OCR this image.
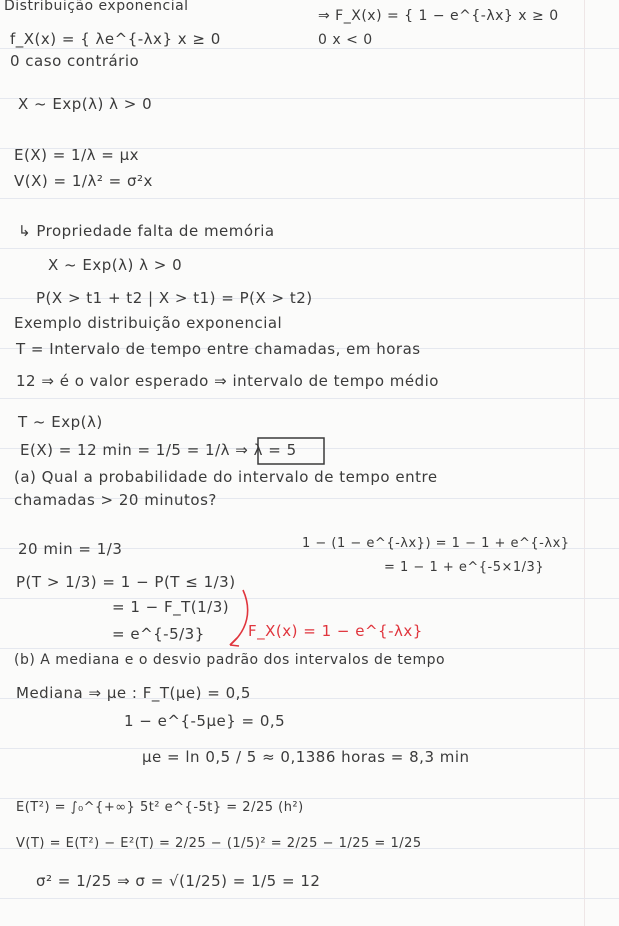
Distribuição exponencial
f_X(x) = { λe^{-λx} x ≥ 0
0 caso contrário
⇒ F_X(x) = { 1 − e^{-λx} x ≥ 0
0 x < 0
X ~ Exp(λ) λ > 0
E(X) = 1/λ = μx
V(X) = 1/λ² = σ²x
↳ Propriedade falta de memória
X ~ Exp(λ) λ > 0
P(X > t1 + t2 | X > t1) = P(X > t2)
Exemplo distribuição exponencial
T = Intervalo de tempo entre chamadas, em horas
12 ⇒ é o valor esperado ⇒ intervalo de tempo médio
T ~ Exp(λ)
E(X) = 12 min = 1/5 = 1/λ ⇒ λ = 5
(a) Qual a probabilidade do intervalo de tempo entre
chamadas > 20 minutos?
20 min = 1/3	1 − (1 − e^{-λx}) = 1 − 1 + e^{-λx}
= 1 − 1 + e^{-5×1/3}
P(T > 1/3) = 1 − P(T ≤ 1/3)
= 1 − F_T(1/3)
= e^{-5/3}	F_X(x) = 1 − e^{-λx}
(b) A mediana e o desvio padrão dos intervalos de tempo
Mediana ⇒ μe : F_T(μe) = 0,5
1 − e^{-5μe} = 0,5
μe = ln 0,5 / 5 ≈ 0,1386 horas = 8,3 min
E(T²) = ∫₀^{+∞} 5t² e^{-5t} = 2/25 (h²)
V(T) = E(T²) − E²(T) = 2/25 − (1/5)² = 2/25 − 1/25 = 1/25
σ² = 1/25 ⇒ σ = √(1/25) = 1/5 = 12
